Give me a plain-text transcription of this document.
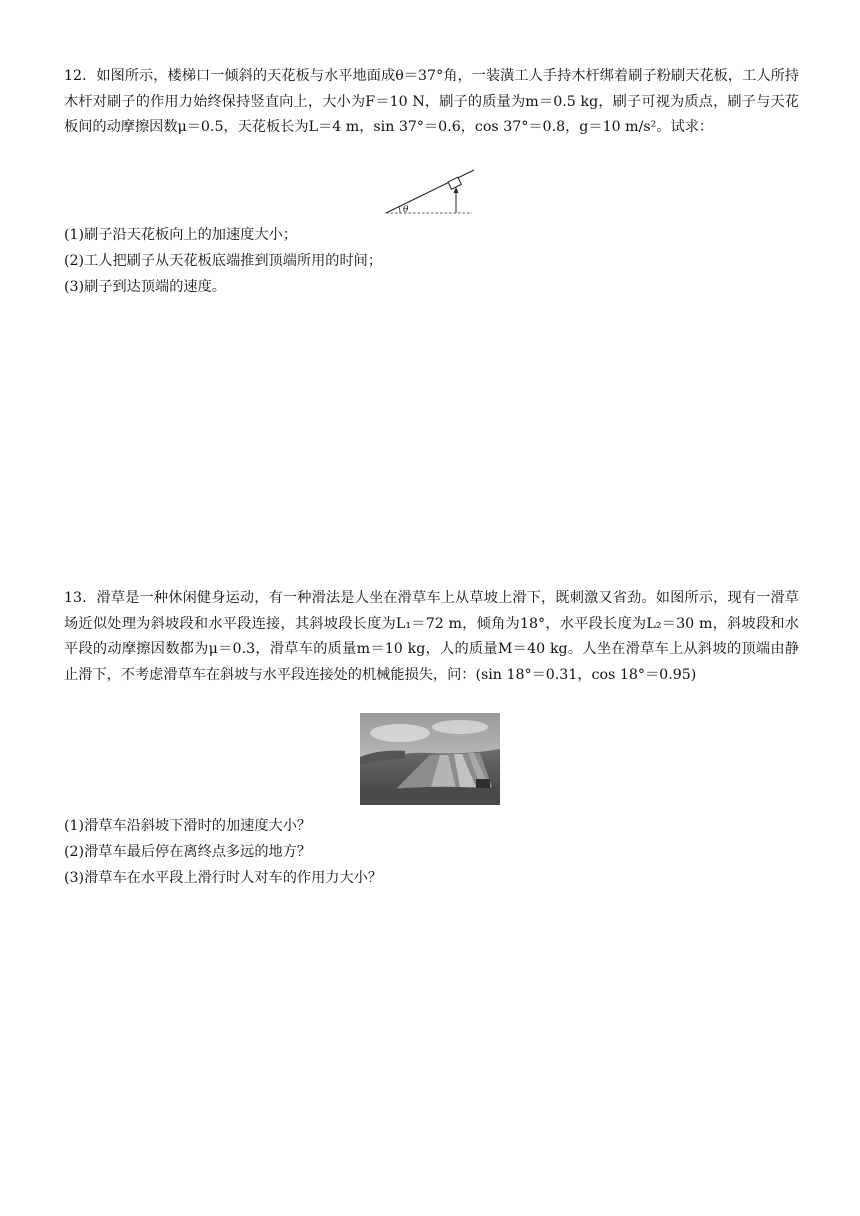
12．如图所示，楼梯口一倾斜的天花板与水平地面成θ＝37°角，一装潢工人手持木杆绑着刷子粉刷天花板，工人所持木杆对刷子的作用力始终保持竖直向上，大小为F＝10 N，刷子的质量为m＝0.5 kg，刷子可视为质点，刷子与天花板间的动摩擦因数μ＝0.5，天花板长为L＝4 m，sin 37°＝0.6，cos 37°＝0.8，g＝10 m/s²。试求：
θ
(1)刷子沿天花板向上的加速度大小；
(2)工人把刷子从天花板底端推到顶端所用的时间；
(3)刷子到达顶端的速度。
13．滑草是一种休闲健身运动，有一种滑法是人坐在滑草车上从草坡上滑下，既刺激又省劲。如图所示，现有一滑草场近似处理为斜坡段和水平段连接，其斜坡段长度为L₁＝72 m，倾角为18°，水平段长度为L₂＝30 m，斜坡段和水平段的动摩擦因数都为μ＝0.3，滑草车的质量m＝10 kg，人的质量M＝40 kg。人坐在滑草车上从斜坡的顶端由静止滑下，不考虑滑草车在斜坡与水平段连接处的机械能损失，问：(sin 18°＝0.31，cos 18°＝0.95)
(1)滑草车沿斜坡下滑时的加速度大小？
(2)滑草车最后停在离终点多远的地方？
(3)滑草车在水平段上滑行时人对车的作用力大小？
